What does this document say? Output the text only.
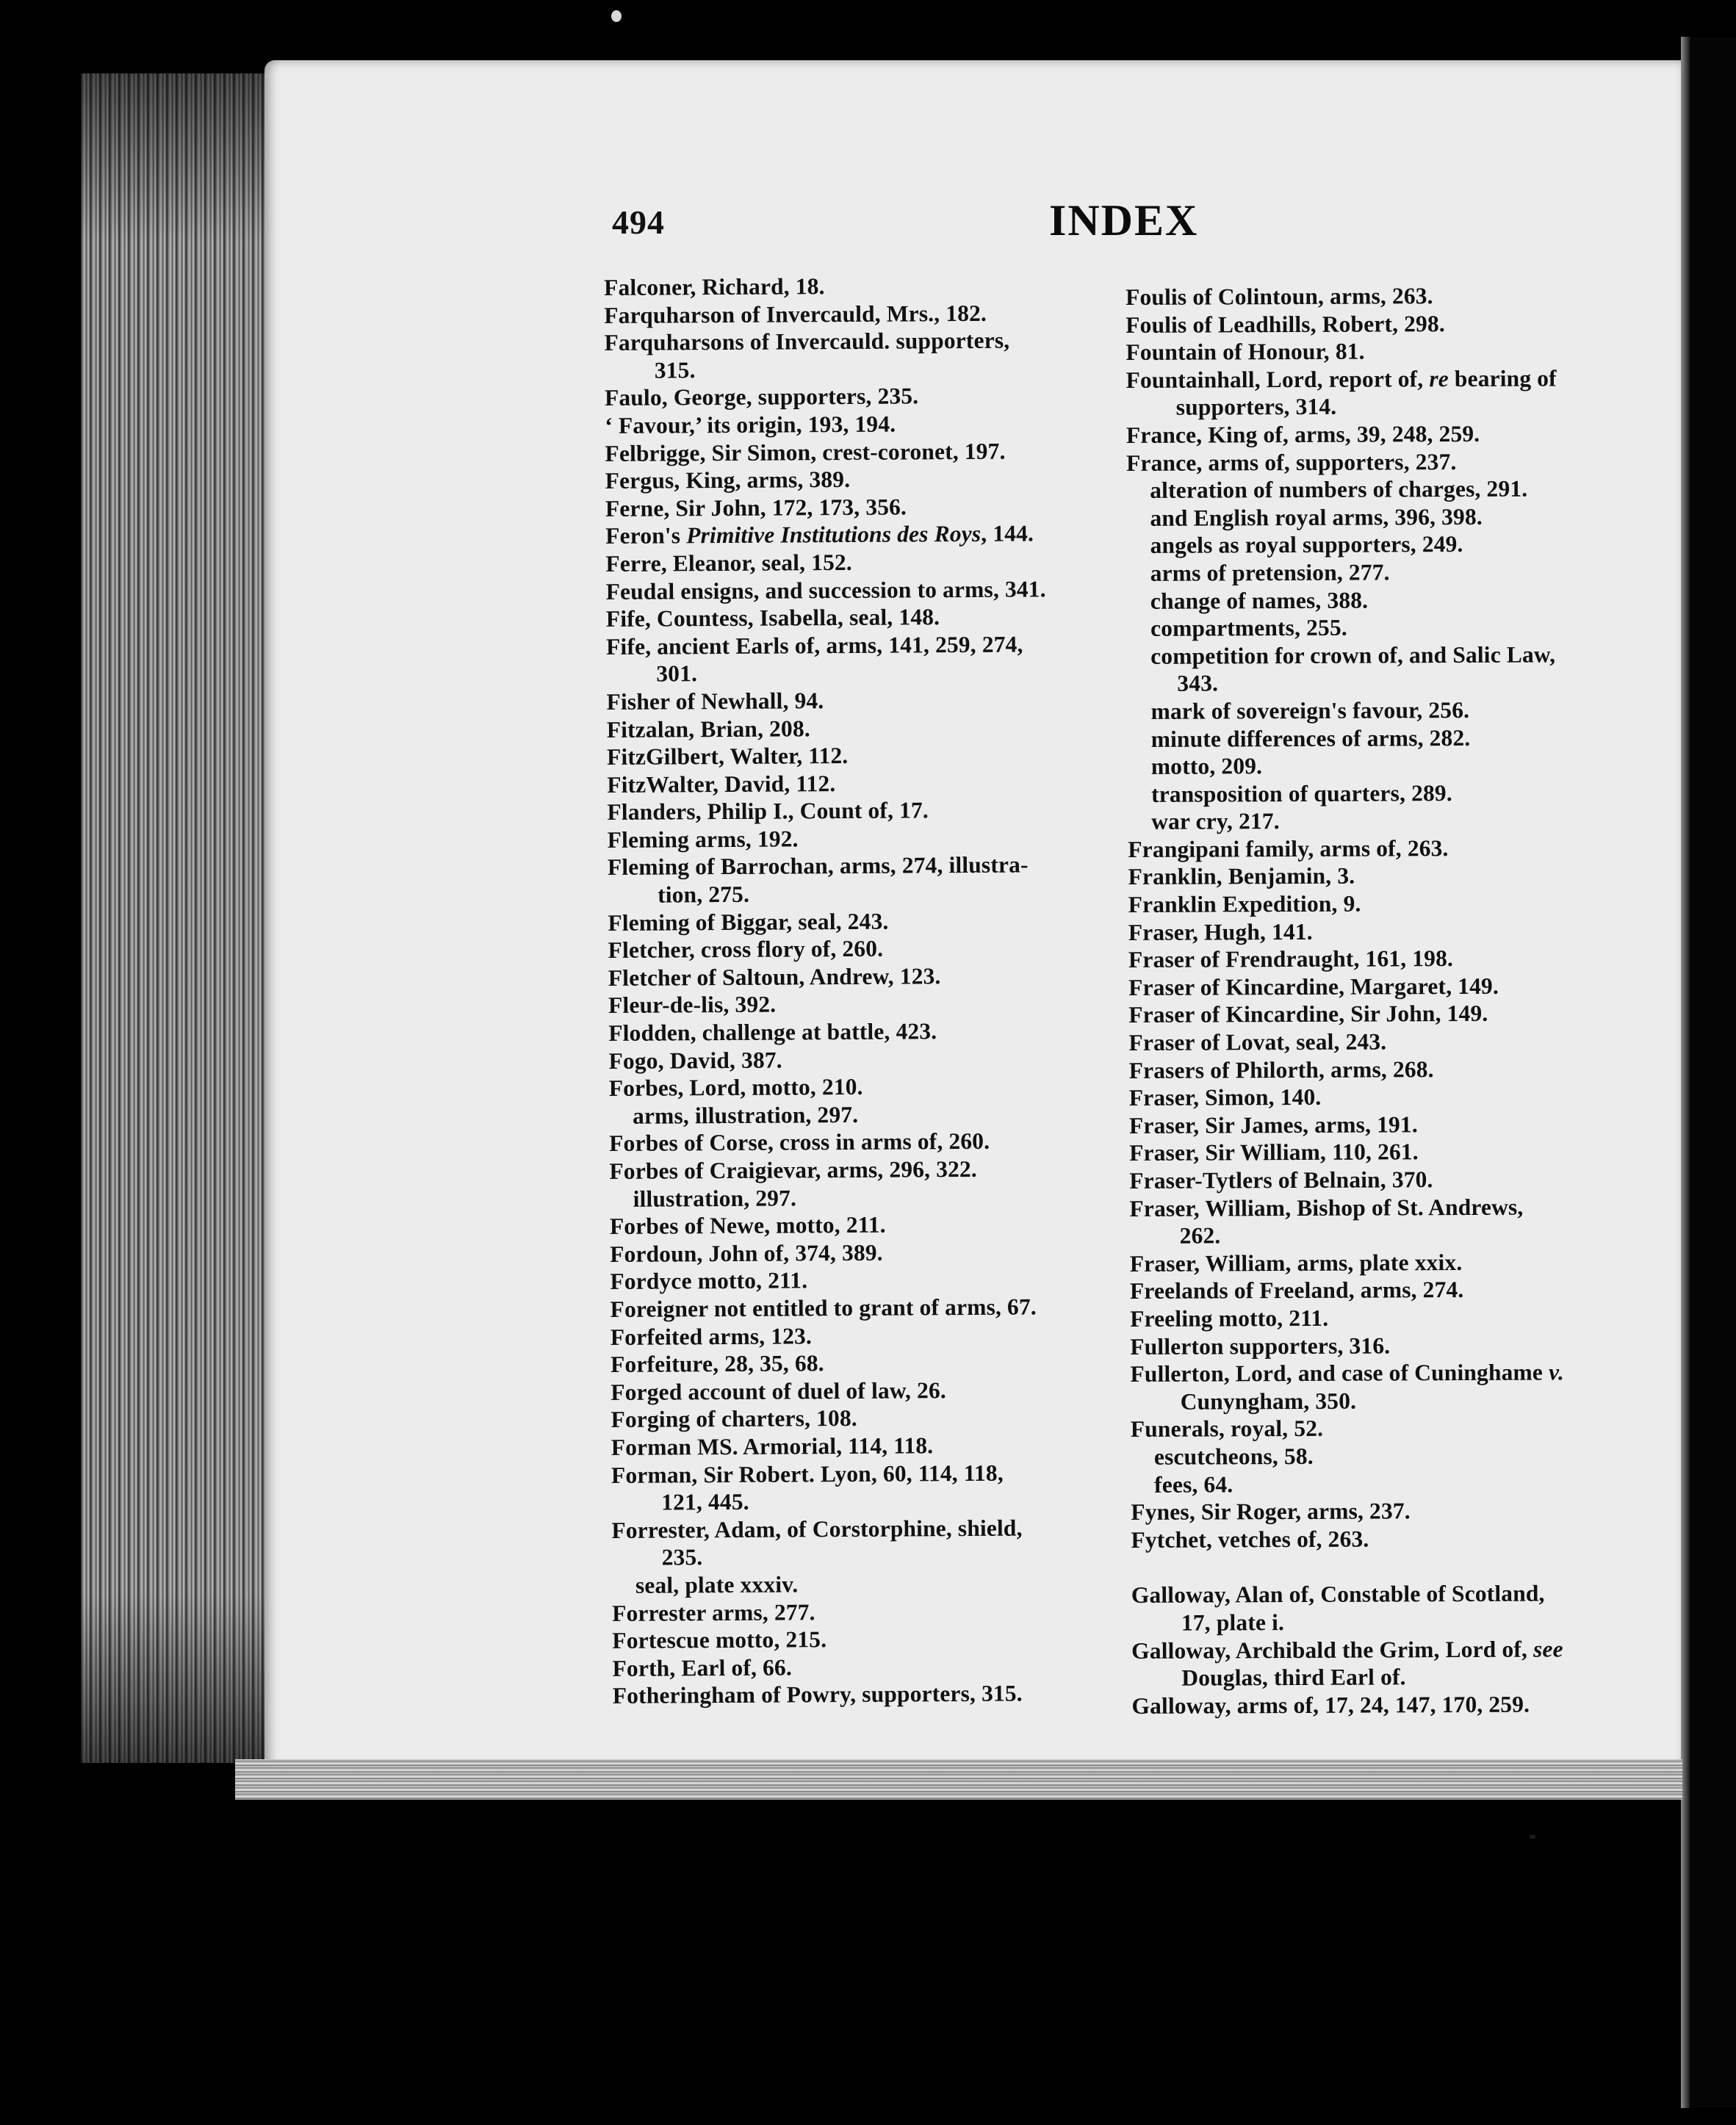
494	INDEX
Falconer, Richard, 18.
Farquharson of Invercauld, Mrs., 182.
Farquharsons of Invercauld. supporters,
315.
Faulo, George, supporters, 235.
‘ Favour,’ its origin, 193, 194.
Felbrigge, Sir Simon, crest-coronet, 197.
Fergus, King, arms, 389.
Ferne, Sir John, 172, 173, 356.
Feron's Primitive Institutions des Roys, 144.
Ferre, Eleanor, seal, 152.
Feudal ensigns, and succession to arms, 341.
Fife, Countess, Isabella, seal, 148.
Fife, ancient Earls of, arms, 141, 259, 274,
301.
Fisher of Newhall, 94.
Fitzalan, Brian, 208.
FitzGilbert, Walter, 112.
FitzWalter, David, 112.
Flanders, Philip I., Count of, 17.
Fleming arms, 192.
Fleming of Barrochan, arms, 274, illustra-
tion, 275.
Fleming of Biggar, seal, 243.
Fletcher, cross flory of, 260.
Fletcher of Saltoun, Andrew, 123.
Fleur-de-lis, 392.
Flodden, challenge at battle, 423.
Fogo, David, 387.
Forbes, Lord, motto, 210.
arms, illustration, 297.
Forbes of Corse, cross in arms of, 260.
Forbes of Craigievar, arms, 296, 322.
illustration, 297.
Forbes of Newe, motto, 211.
Fordoun, John of, 374, 389.
Fordyce motto, 211.
Foreigner not entitled to grant of arms, 67.
Forfeited arms, 123.
Forfeiture, 28, 35, 68.
Forged account of duel of law, 26.
Forging of charters, 108.
Forman MS. Armorial, 114, 118.
Forman, Sir Robert. Lyon, 60, 114, 118,
121, 445.
Forrester, Adam, of Corstorphine, shield,
235.
seal, plate xxxiv.
Forrester arms, 277.
Fortescue motto, 215.
Forth, Earl of, 66.
Fotheringham of Powry, supporters, 315.
Foulis of Colintoun, arms, 263.
Foulis of Leadhills, Robert, 298.
Fountain of Honour, 81.
Fountainhall, Lord, report of, re bearing of
supporters, 314.
France, King of, arms, 39, 248, 259.
France, arms of, supporters, 237.
alteration of numbers of charges, 291.
and English royal arms, 396, 398.
angels as royal supporters, 249.
arms of pretension, 277.
change of names, 388.
compartments, 255.
competition for crown of, and Salic Law,
343.
mark of sovereign's favour, 256.
minute differences of arms, 282.
motto, 209.
transposition of quarters, 289.
war cry, 217.
Frangipani family, arms of, 263.
Franklin, Benjamin, 3.
Franklin Expedition, 9.
Fraser, Hugh, 141.
Fraser of Frendraught, 161, 198.
Fraser of Kincardine, Margaret, 149.
Fraser of Kincardine, Sir John, 149.
Fraser of Lovat, seal, 243.
Frasers of Philorth, arms, 268.
Fraser, Simon, 140.
Fraser, Sir James, arms, 191.
Fraser, Sir William, 110, 261.
Fraser-Tytlers of Belnain, 370.
Fraser, William, Bishop of St. Andrews,
262.
Fraser, William, arms, plate xxix.
Freelands of Freeland, arms, 274.
Freeling motto, 211.
Fullerton supporters, 316.
Fullerton, Lord, and case of Cuninghame v.
Cunyngham, 350.
Funerals, royal, 52.
escutcheons, 58.
fees, 64.
Fynes, Sir Roger, arms, 237.
Fytchet, vetches of, 263.
Galloway, Alan of, Constable of Scotland,
17, plate i.
Galloway, Archibald the Grim, Lord of, see
Douglas, third Earl of.
Galloway, arms of, 17, 24, 147, 170, 259.
